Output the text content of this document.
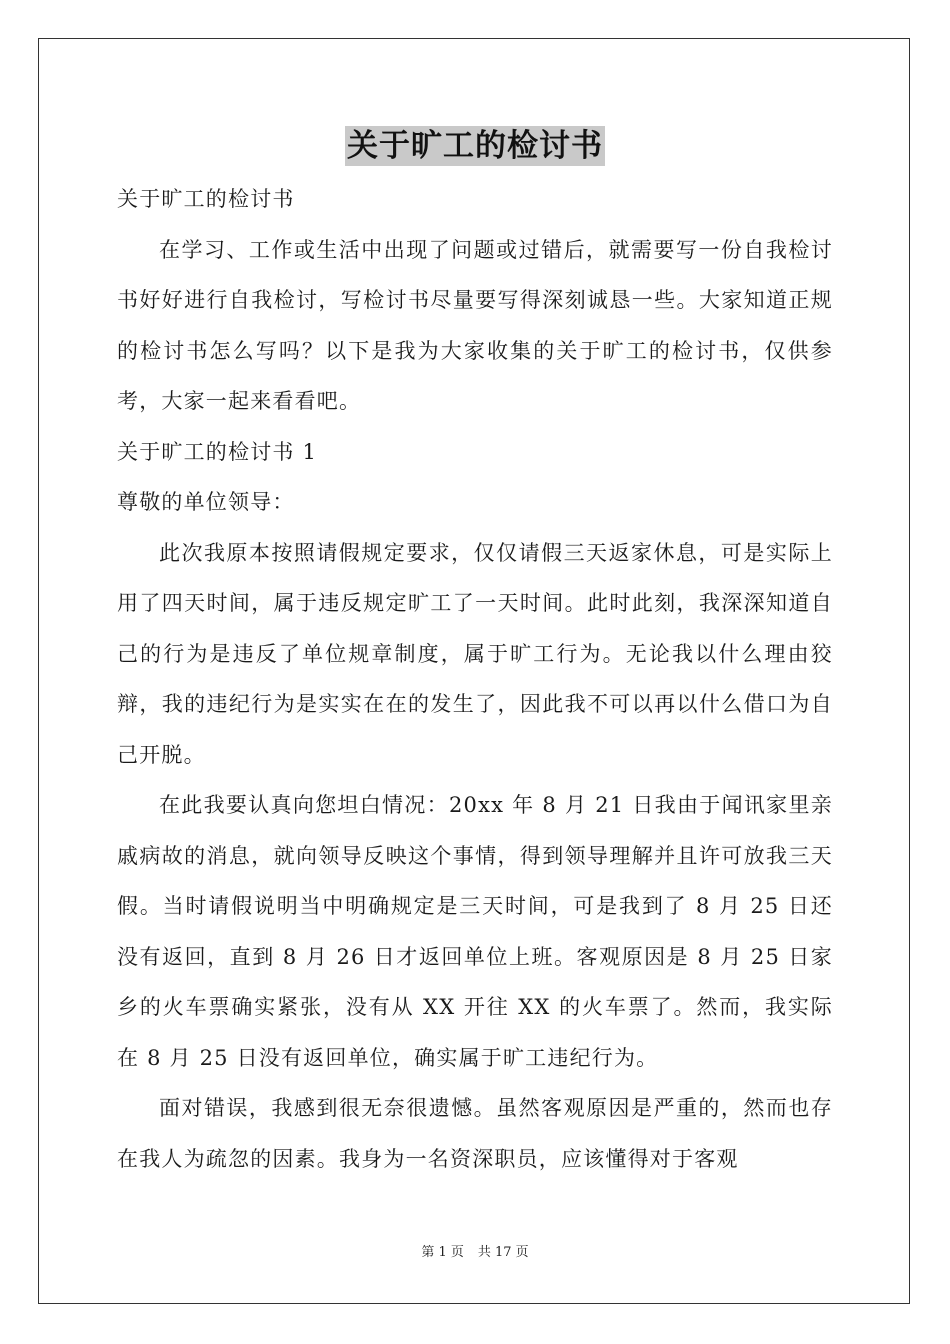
关于旷工的检讨书

关于旷工的检讨书

在学习、工作或生活中出现了问题或过错后，就需要写一份自我检讨书好好进行自我检讨，写检讨书尽量要写得深刻诚恳一些。大家知道正规的检讨书怎么写吗？以下是我为大家收集的关于旷工的检讨书，仅供参考，大家一起来看看吧。

关于旷工的检讨书 1

尊敬的单位领导：

此次我原本按照请假规定要求，仅仅请假三天返家休息，可是实际上用了四天时间，属于违反规定旷工了一天时间。此时此刻，我深深知道自己的行为是违反了单位规章制度，属于旷工行为。无论我以什么理由狡辩，我的违纪行为是实实在在的发生了，因此我不可以再以什么借口为自己开脱。

在此我要认真向您坦白情况：20xx 年 8 月 21 日我由于闻讯家里亲戚病故的消息，就向领导反映这个事情，得到领导理解并且许可放我三天假。当时请假说明当中明确规定是三天时间，可是我到了 8 月 25 日还没有返回，直到 8 月 26 日才返回单位上班。客观原因是 8 月 25 日家乡的火车票确实紧张，没有从 XX 开往 XX 的火车票了。然而，我实际在 8 月 25 日没有返回单位，确实属于旷工违纪行为。

面对错误，我感到很无奈很遗憾。虽然客观原因是严重的，然而也存在我人为疏忽的因素。我身为一名资深职员，应该懂得对于客观

第 1 页 共 17 页
